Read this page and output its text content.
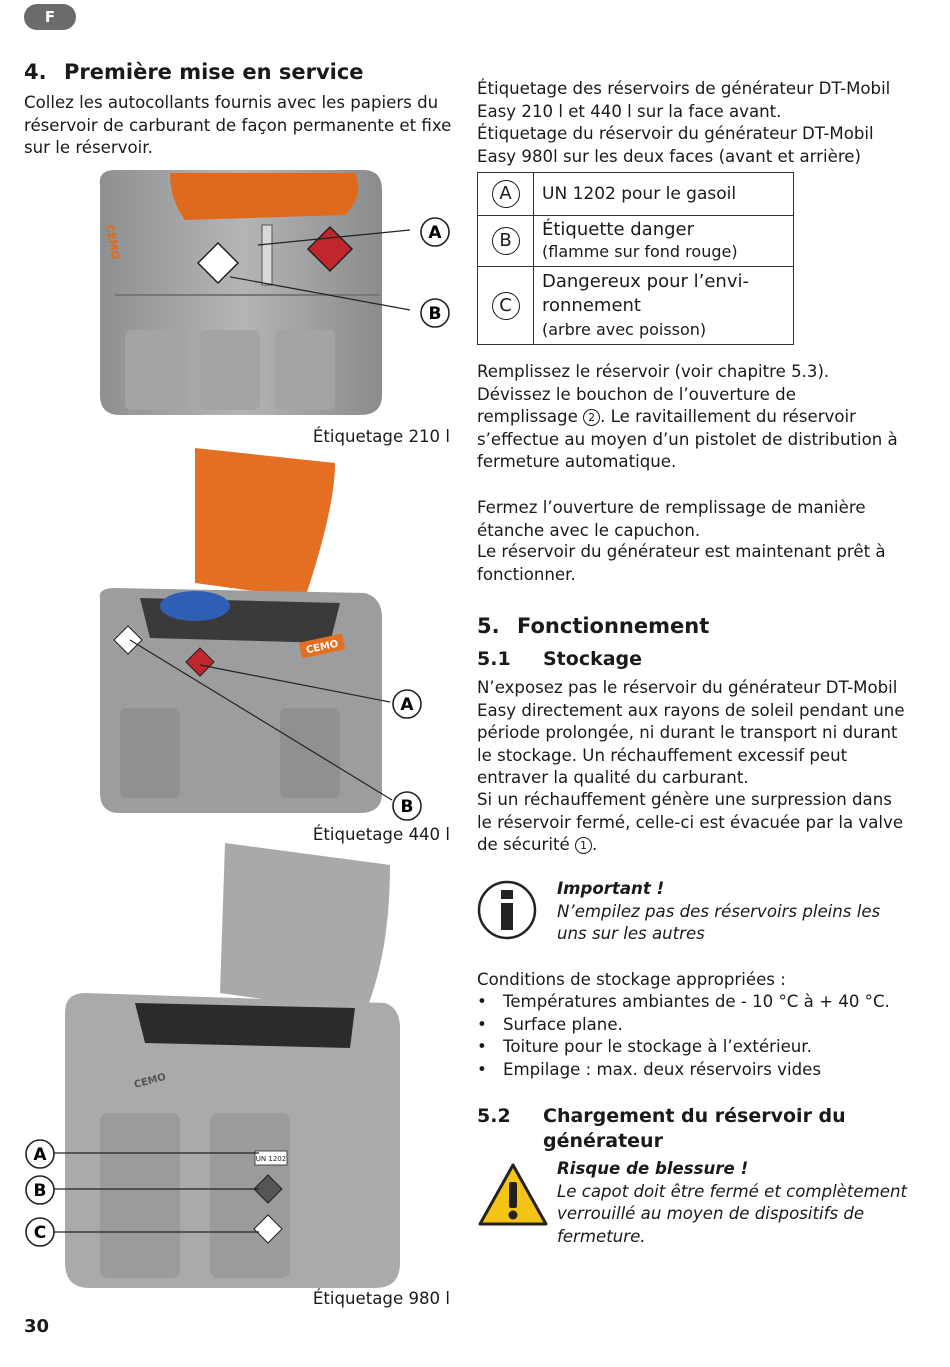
F
4. Première mise en service
Collez les autocollants fournis avec les papiers du réservoir de carburant de façon permanente et fixe sur le réservoir.
CEMO	A
B
Étiquetage 210 l
CEMO
A
B
Étiquetage 440 l
CEMO
UN 1202
A
B
C
Étiquetage 980 l
Étiquetage des réservoirs de générateur DT-Mobil Easy 210 l et 440 l sur la face avant.
Étiquetage du réservoir du générateur DT-Mobil Easy 980l sur les deux faces (avant et arrière)
A	UN 1202 pour le gasoil
B	Étiquette danger
(flamme sur fond rouge)
C	Dangereux pour l’envi-ronnement
(arbre avec poisson)
Remplissez le réservoir (voir chapitre 5.3). Dévissez le bouchon de l’ouverture de remplissage 2 . Le ravitaillement du réservoir s’effectue au moyen d’un pistolet de distribution à fermeture automatique.
Fermez l’ouverture de remplissage de manière étanche avec le capuchon.
Le réservoir du générateur est maintenant prêt à fonctionner.
5. Fonctionnement
5.1 Stockage
N’exposez pas le réservoir du générateur DT-Mobil Easy directement aux rayons de soleil pendant une période prolongée, ni durant le transport ni durant le stockage. Un réchauffement excessif peut entraver la qualité du carburant.
Si un réchauffement génère une surpression dans le réservoir fermé, celle-ci est évacuée par la valve de sécurité 1 .
Important !
N’empilez pas des réservoirs pleins les uns sur les autres
Conditions de stockage appropriées :
• Températures ambiantes de - 10 °C à + 40 °C.
• Surface plane.
• Toiture pour le stockage à l’extérieur.
• Empilage : max. deux réservoirs vides
5.2	Chargement du réservoir du générateur
Risque de blessure !
Le capot doit être fermé et complètement verrouillé au moyen de dispositifs de fermeture.
30
